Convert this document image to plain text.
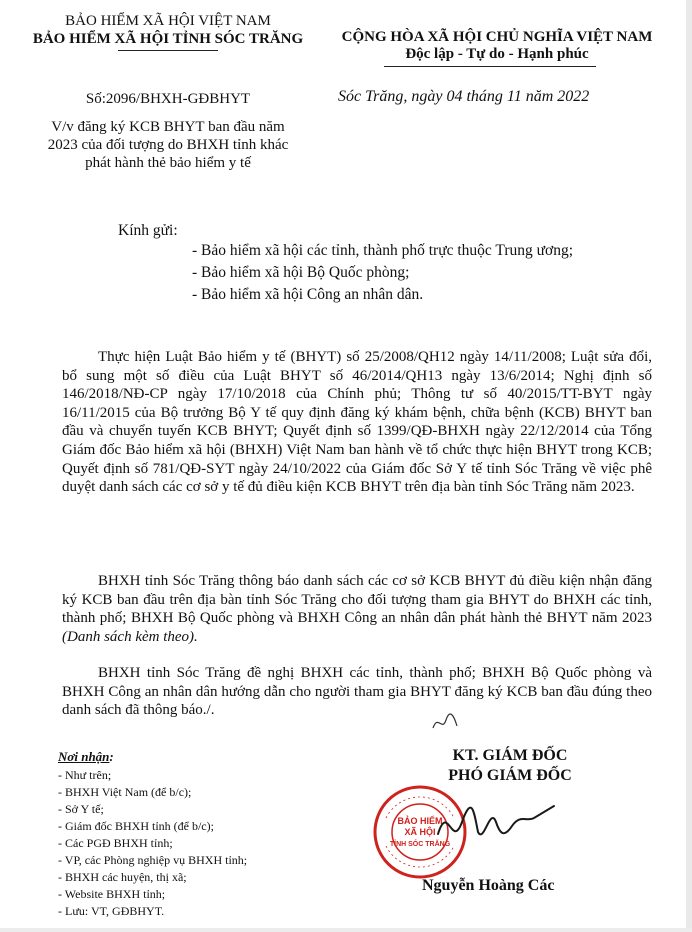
BẢO HIỂM XÃ HỘI VIỆT NAM
BẢO HIỂM XÃ HỘI TỈNH SÓC TRĂNG
Số:2096/BHXH-GĐBHYT
V/v đăng ký KCB BHYT ban đầu năm
2023 của đối tượng do BHXH tỉnh khác
phát hành thẻ bảo hiểm y tế
CỘNG HÒA XÃ HỘI CHỦ NGHĨA VIỆT NAM
Độc lập - Tự do - Hạnh phúc
Sóc Trăng, ngày 04 tháng 11 năm 2022
Kính gửi:
- Bảo hiểm xã hội các tỉnh, thành phố trực thuộc Trung ương;
- Bảo hiểm xã hội Bộ Quốc phòng;
- Bảo hiểm xã hội Công an nhân dân.

Thực hiện Luật Bảo hiểm y tế (BHYT) số 25/2008/QH12 ngày 14/11/2008; Luật sửa đổi, bổ sung một số điều của Luật BHYT số 46/2014/QH13 ngày 13/6/2014; Nghị định số 146/2018/NĐ-CP ngày 17/10/2018 của Chính phủ; Thông tư số 40/2015/TT-BYT ngày 16/11/2015 của Bộ trưởng Bộ Y tế quy định đăng ký khám bệnh, chữa bệnh (KCB) BHYT ban đầu và chuyển tuyến KCB BHYT; Quyết định số 1399/QĐ-BHXH ngày 22/12/2014 của Tổng Giám đốc Bảo hiểm xã hội (BHXH) Việt Nam ban hành về tổ chức thực hiện BHYT trong KCB; Quyết định số 781/QĐ-SYT ngày 24/10/2022 của Giám đốc Sở Y tế tỉnh Sóc Trăng về việc phê duyệt danh sách các cơ sở y tế đủ điều kiện KCB BHYT trên địa bàn tỉnh Sóc Trăng năm 2023.

BHXH tỉnh Sóc Trăng thông báo danh sách các cơ sở KCB BHYT đủ điều kiện nhận đăng ký KCB ban đầu trên địa bàn tỉnh Sóc Trăng cho đối tượng tham gia BHYT do BHXH các tỉnh, thành phố; BHXH Bộ Quốc phòng và BHXH Công an nhân dân phát hành thẻ BHYT năm 2023 (Danh sách kèm theo).

BHXH tỉnh Sóc Trăng đề nghị BHXH các tỉnh, thành phố; BHXH Bộ Quốc phòng và BHXH Công an nhân dân hướng dẫn cho người tham gia BHYT đăng ký KCB ban đầu đúng theo danh sách đã thông báo./.

Nơi nhận:
- Như trên;
- BHXH Việt Nam (để b/c);
- Sở Y tế;
- Giám đốc BHXH tỉnh (để b/c);
- Các PGĐ BHXH tỉnh;
- VP, các Phòng nghiệp vụ BHXH tỉnh;
- BHXH các huyện, thị xã;
- Website BHXH tỉnh;
- Lưu: VT, GĐBHYT.
KT. GIÁM ĐỐC
PHÓ GIÁM ĐỐC
BẢO HIỂM
XÃ HỘI
TỈNH SÓC TRĂNG
Nguyễn Hoàng Các
